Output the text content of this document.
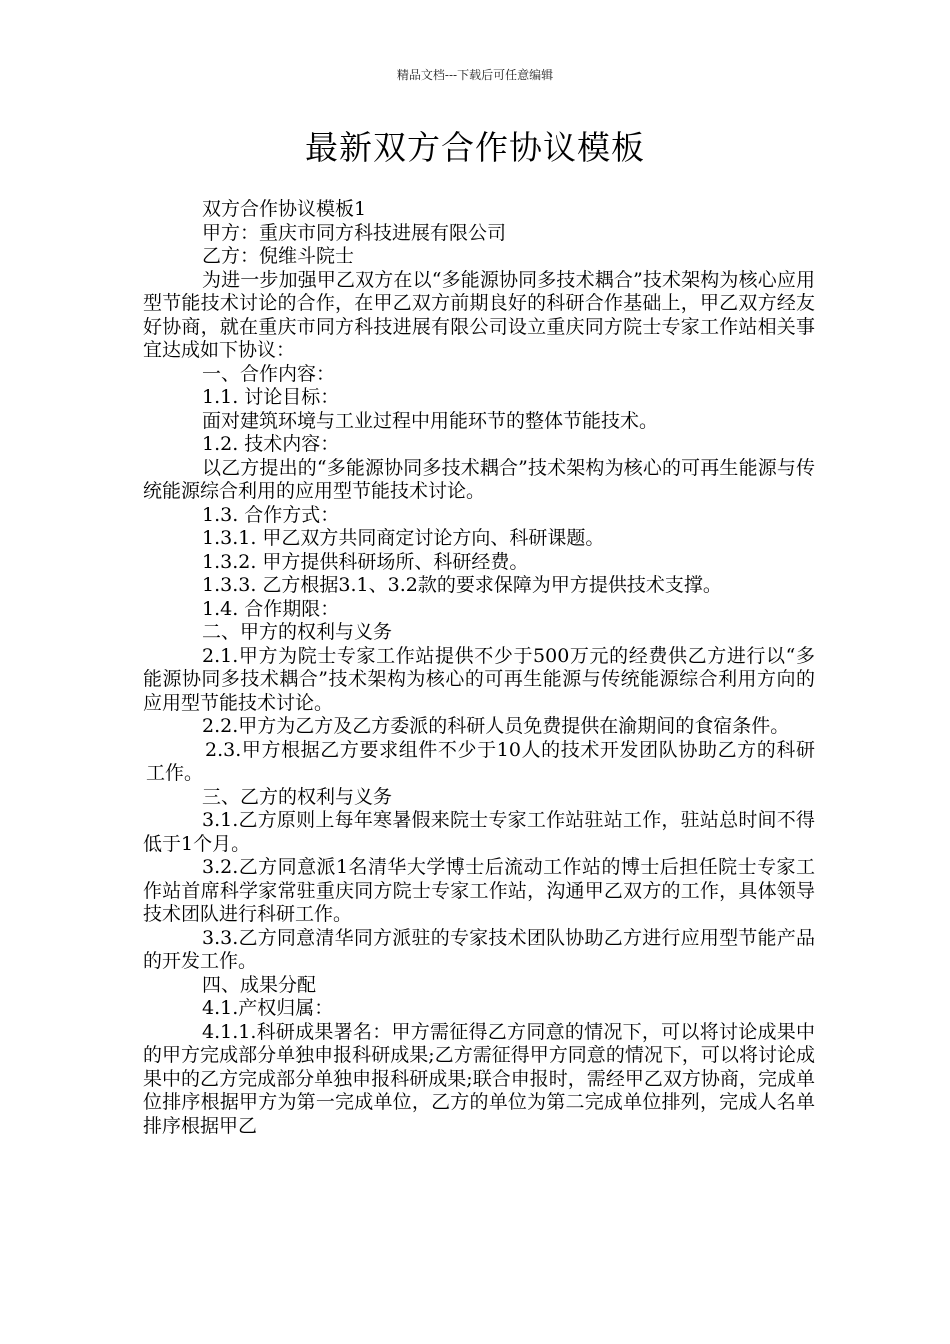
精品文档---下载后可任意编辑
最新双方合作协议模板

双方合作协议模板1

甲方：重庆市同方科技进展有限公司

乙方：倪维斗院士

为进一步加强甲乙双方在以“多能源协同多技术耦合”技术架构为核心应用型节能技术讨论的合作，在甲乙双方前期良好的科研合作基础上，甲乙双方经友好协商，就在重庆市同方科技进展有限公司设立重庆同方院士专家工作站相关事宜达成如下协议：

一、合作内容：

1.1. 讨论目标：

面对建筑环境与工业过程中用能环节的整体节能技术。

1.2. 技术内容：

以乙方提出的“多能源协同多技术耦合”技术架构为核心的可再生能源与传统能源综合利用的应用型节能技术讨论。

1.3. 合作方式：

1.3.1. 甲乙双方共同商定讨论方向、科研课题。

1.3.2. 甲方提供科研场所、科研经费。

1.3.3. 乙方根据3.1、3.2款的要求保障为甲方提供技术支撑。

1.4. 合作期限：

二、甲方的权利与义务

2.1.甲方为院士专家工作站提供不少于500万元的经费供乙方进行以“多能源协同多技术耦合”技术架构为核心的可再生能源与传统能源综合利用方向的应用型节能技术讨论。

2.2.甲方为乙方及乙方委派的科研人员免费提供在渝期间的食宿条件。

2.3.甲方根据乙方要求组件不少于10人的技术开发团队协助乙方的科研工作。

三、乙方的权利与义务

3.1.乙方原则上每年寒暑假来院士专家工作站驻站工作，驻站总时间不得低于1个月。

3.2.乙方同意派1名清华大学博士后流动工作站的博士后担任院士专家工作站首席科学家常驻重庆同方院士专家工作站，沟通甲乙双方的工作，具体领导技术团队进行科研工作。

3.3.乙方同意清华同方派驻的专家技术团队协助乙方进行应用型节能产品的开发工作。

四、成果分配

4.1.产权归属：

4.1.1.科研成果署名：甲方需征得乙方同意的情况下，可以将讨论成果中的甲方完成部分单独申报科研成果;乙方需征得甲方同意的情况下，可以将讨论成果中的乙方完成部分单独申报科研成果;联合申报时，需经甲乙双方协商，完成单位排序根据甲方为第一完成单位，乙方的单位为第二完成单位排列，完成人名单排序根据甲乙
